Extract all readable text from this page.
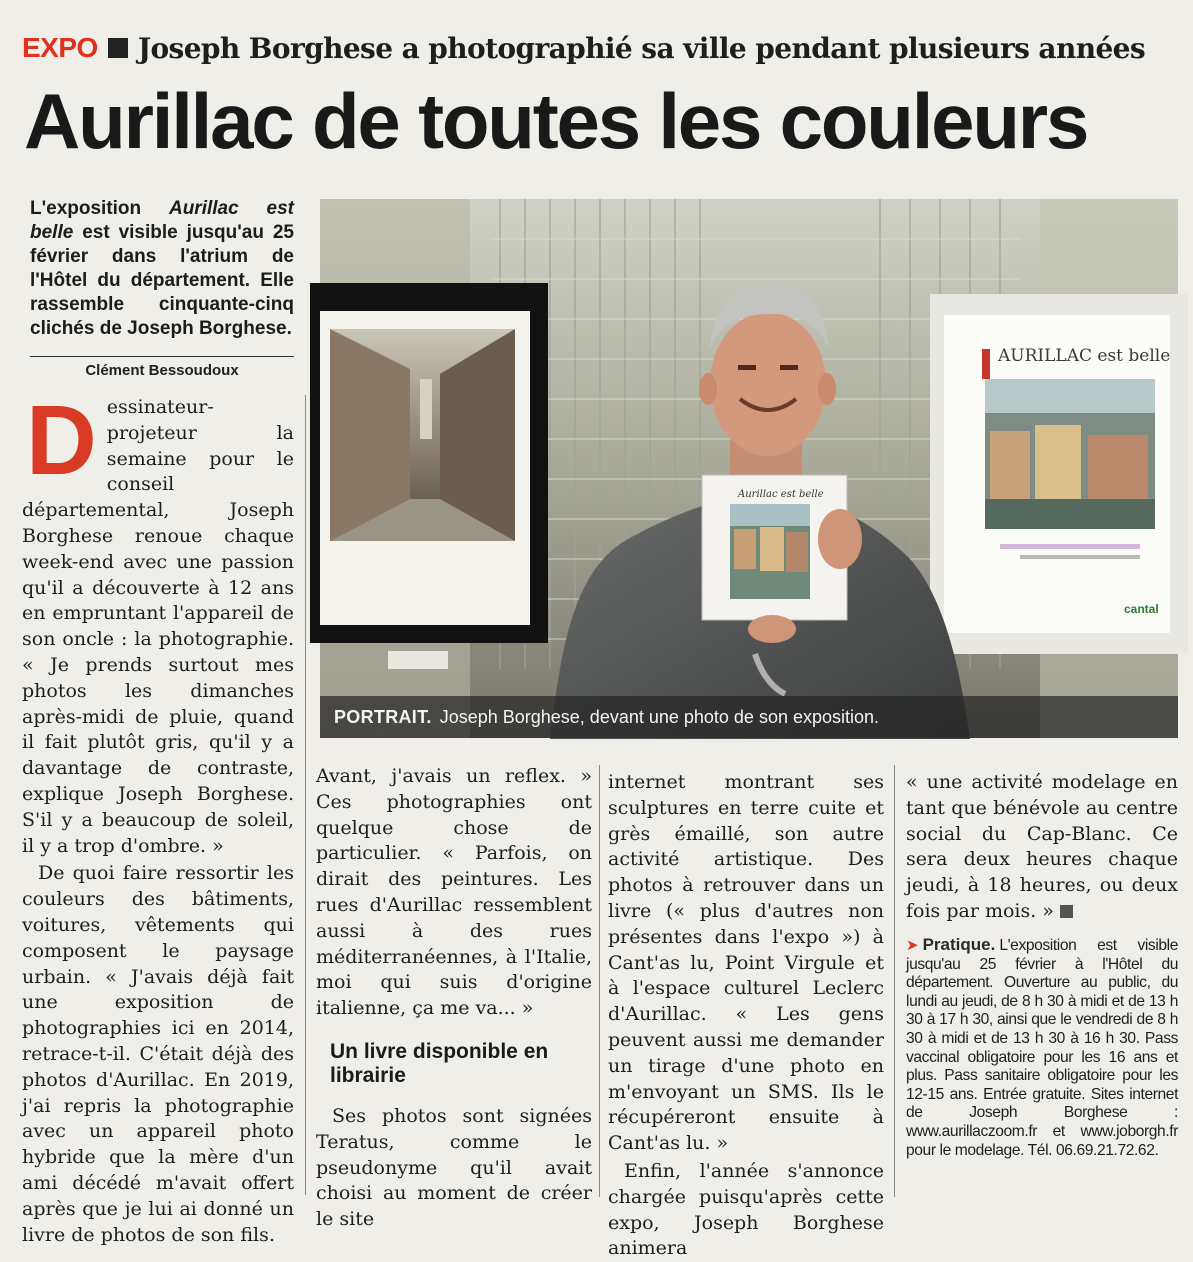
EXPO Joseph Borghese a photographié sa ville pendant plusieurs années
Aurillac de toutes les couleurs
L'exposition Aurillac est belle est visible jusqu'au 25 février dans l'atrium de l'Hôtel du département. Elle rassemble cinquante-cinq clichés de Joseph Borghese.
Clément Bessoudoux
AURILLAC est belle
cantal
Aurillac est belle
PORTRAIT. Joseph Borghese, devant une photo de son exposition.

Dessinateur-projeteur la semaine pour le conseil départemental, Joseph Borghese renoue chaque week-end avec une passion qu'il a découverte à 12 ans en empruntant l'appareil de son oncle : la photographie. « Je prends surtout mes photos les dimanches après-midi de pluie, quand il fait plutôt gris, qu'il y a davantage de contraste, explique Joseph Borghese. S'il y a beaucoup de soleil, il y a trop d'ombre. »

De quoi faire ressortir les couleurs des bâtiments, voitures, vêtements qui composent le paysage urbain. « J'avais déjà fait une exposition de photographies ici en 2014, retrace-t-il. C'était déjà des photos d'Aurillac. En 2019, j'ai repris la photographie avec un appareil photo hybride que la mère d'un ami décédé m'avait offert après que je lui ai donné un livre de photos de son fils.

Avant, j'avais un reflex. » Ces photographies ont quelque chose de particulier. « Parfois, on dirait des peintures. Les rues d'Aurillac ressemblent aussi à des rues méditerranéennes, à l'Italie, moi qui suis d'origine italienne, ça me va... »

Un livre disponible en librairie

Ses photos sont signées Teratus, comme le pseudonyme qu'il avait choisi au moment de créer le site

internet montrant ses sculptures en terre cuite et grès émaillé, son autre activité artistique. Des photos à retrouver dans un livre (« plus d'autres non présentes dans l'expo ») à Cant'as lu, Point Virgule et à l'espace culturel Leclerc d'Aurillac. « Les gens peuvent aussi me demander un tirage d'une photo en m'envoyant un SMS. Ils le récupéreront ensuite à Cant'as lu. »

Enfin, l'année s'annonce chargée puisqu'après cette expo, Joseph Borghese animera

« une activité modelage en tant que bénévole au centre social du Cap-Blanc. Ce sera deux heures chaque jeudi, à 18 heures, ou deux fois par mois. »

➤ Pratique. L'exposition est visible jusqu'au 25 février à l'Hôtel du département. Ouverture au public, du lundi au jeudi, de 8 h 30 à midi et de 13 h 30 à 17 h 30, ainsi que le vendredi de 8 h 30 à midi et de 13 h 30 à 16 h 30. Pass vaccinal obligatoire pour les 16 ans et plus. Pass sanitaire obligatoire pour les 12-15 ans. Entrée gratuite. Sites internet de Joseph Borghese : www.aurillaczoom.fr et www.joborgh.fr pour le modelage. Tél. 06.69.21.72.62.
